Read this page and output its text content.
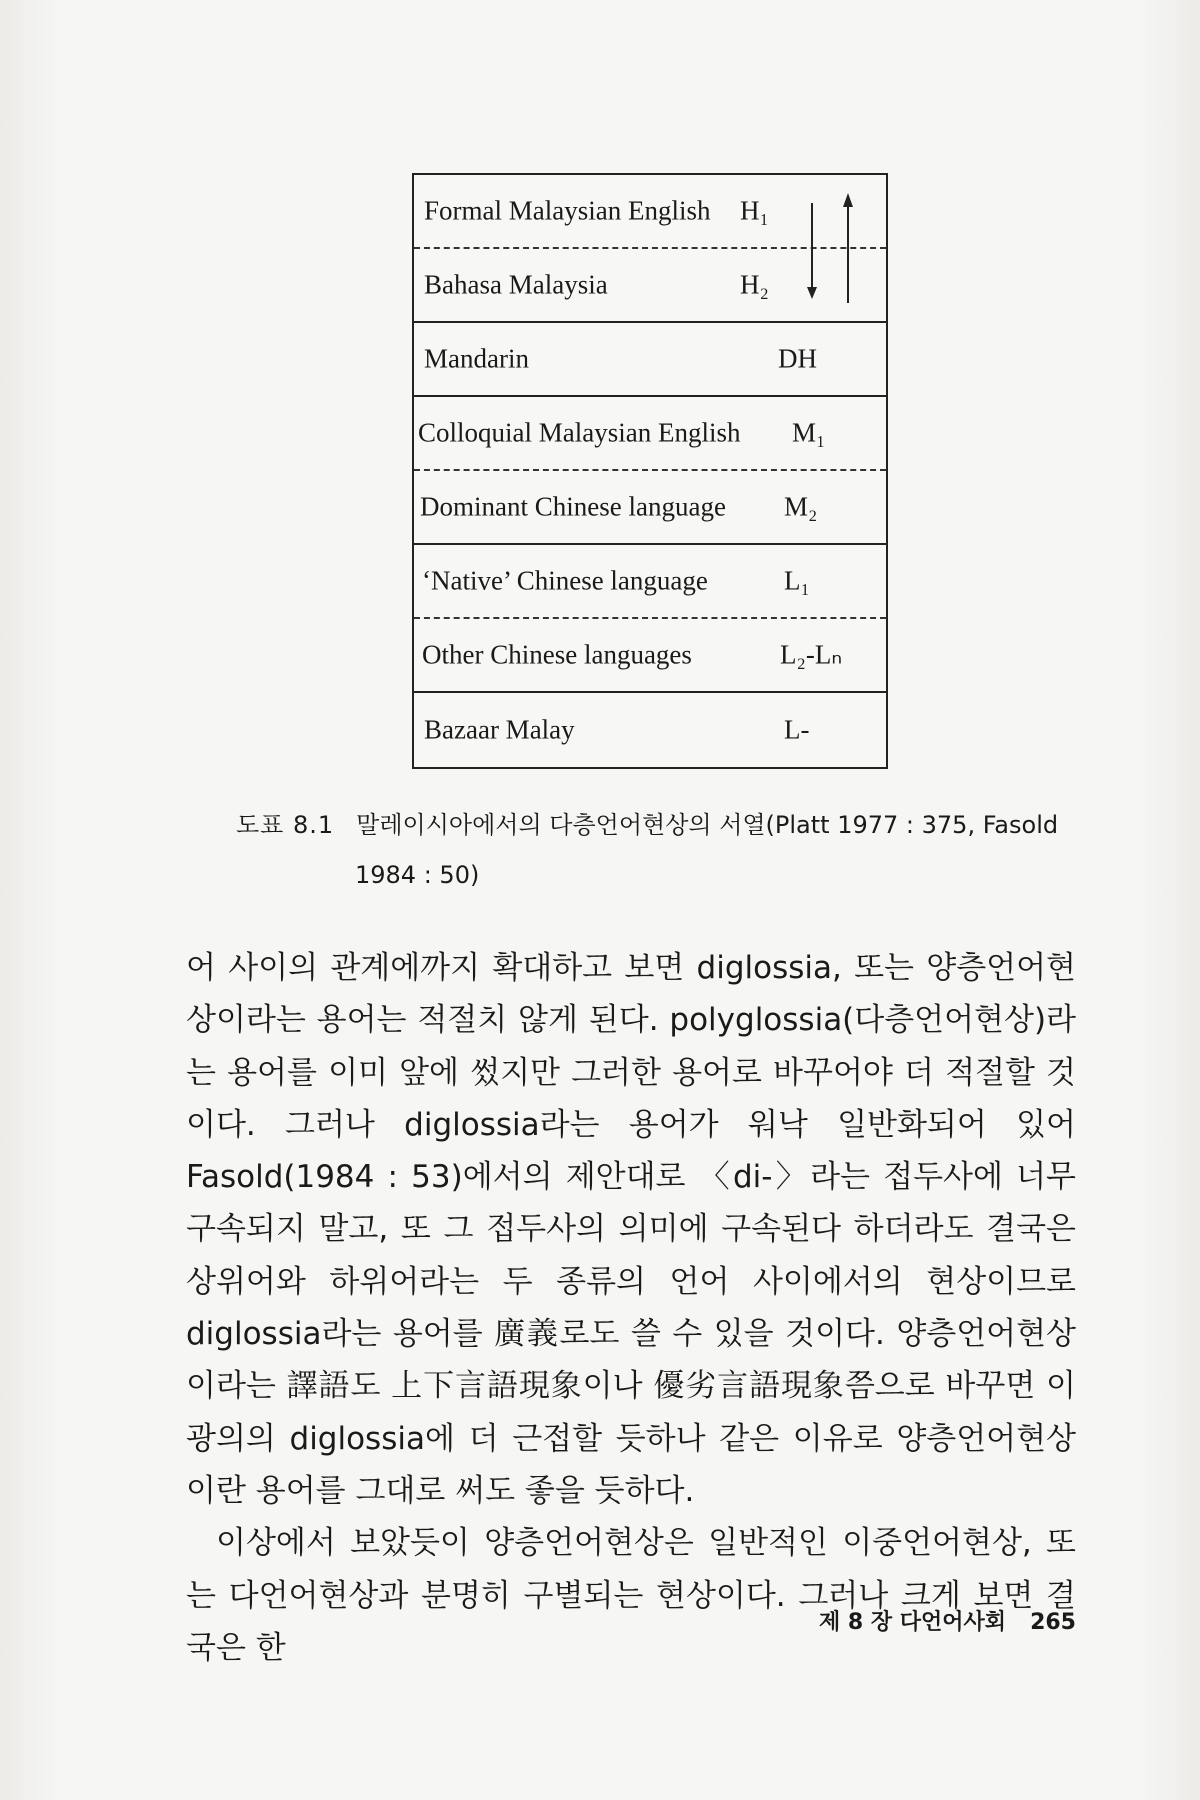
Formal Malaysian English H₁
Bahasa Malaysia	H₂
Mandarin	DH
Colloquial Malaysian English M₁
Dominant Chinese language M₂
‘Native’ Chinese language	L₁
Other Chinese languages	L₂-Lₙ
Bazaar Malay	L-
도표 8.1 말레이시아에서의 다층언어현상의 서열(Platt 1977 : 375, Fasold
1984 : 50)

어 사이의 관계에까지 확대하고 보면 diglossia, 또는 양층언어현상이라는 용어는 적절치 않게 된다. polyglossia(다층언어현상)라는 용어를 이미 앞에 썼지만 그러한 용어로 바꾸어야 더 적절할 것이다. 그러나 diglossia라는 용어가 워낙 일반화되어 있어 Fasold(1984 : 53)에서의 제안대로 〈di-〉라는 접두사에 너무 구속되지 말고, 또 그 접두사의 의미에 구속된다 하더라도 결국은 상위어와 하위어라는 두 종류의 언어 사이에서의 현상이므로 diglossia라는 용어를 廣義로도 쓸 수 있을 것이다. 양층언어현상이라는 譯語도 上下言語現象이나 優劣言語現象쯤으로 바꾸면 이 광의의 diglossia에 더 근접할 듯하나 같은 이유로 양층언어현상이란 용어를 그대로 써도 좋을 듯하다.

이상에서 보았듯이 양층언어현상은 일반적인 이중언어현상, 또는 다언어현상과 분명히 구별되는 현상이다. 그러나 크게 보면 결국은 한

제 8 장 다언어사회 265
